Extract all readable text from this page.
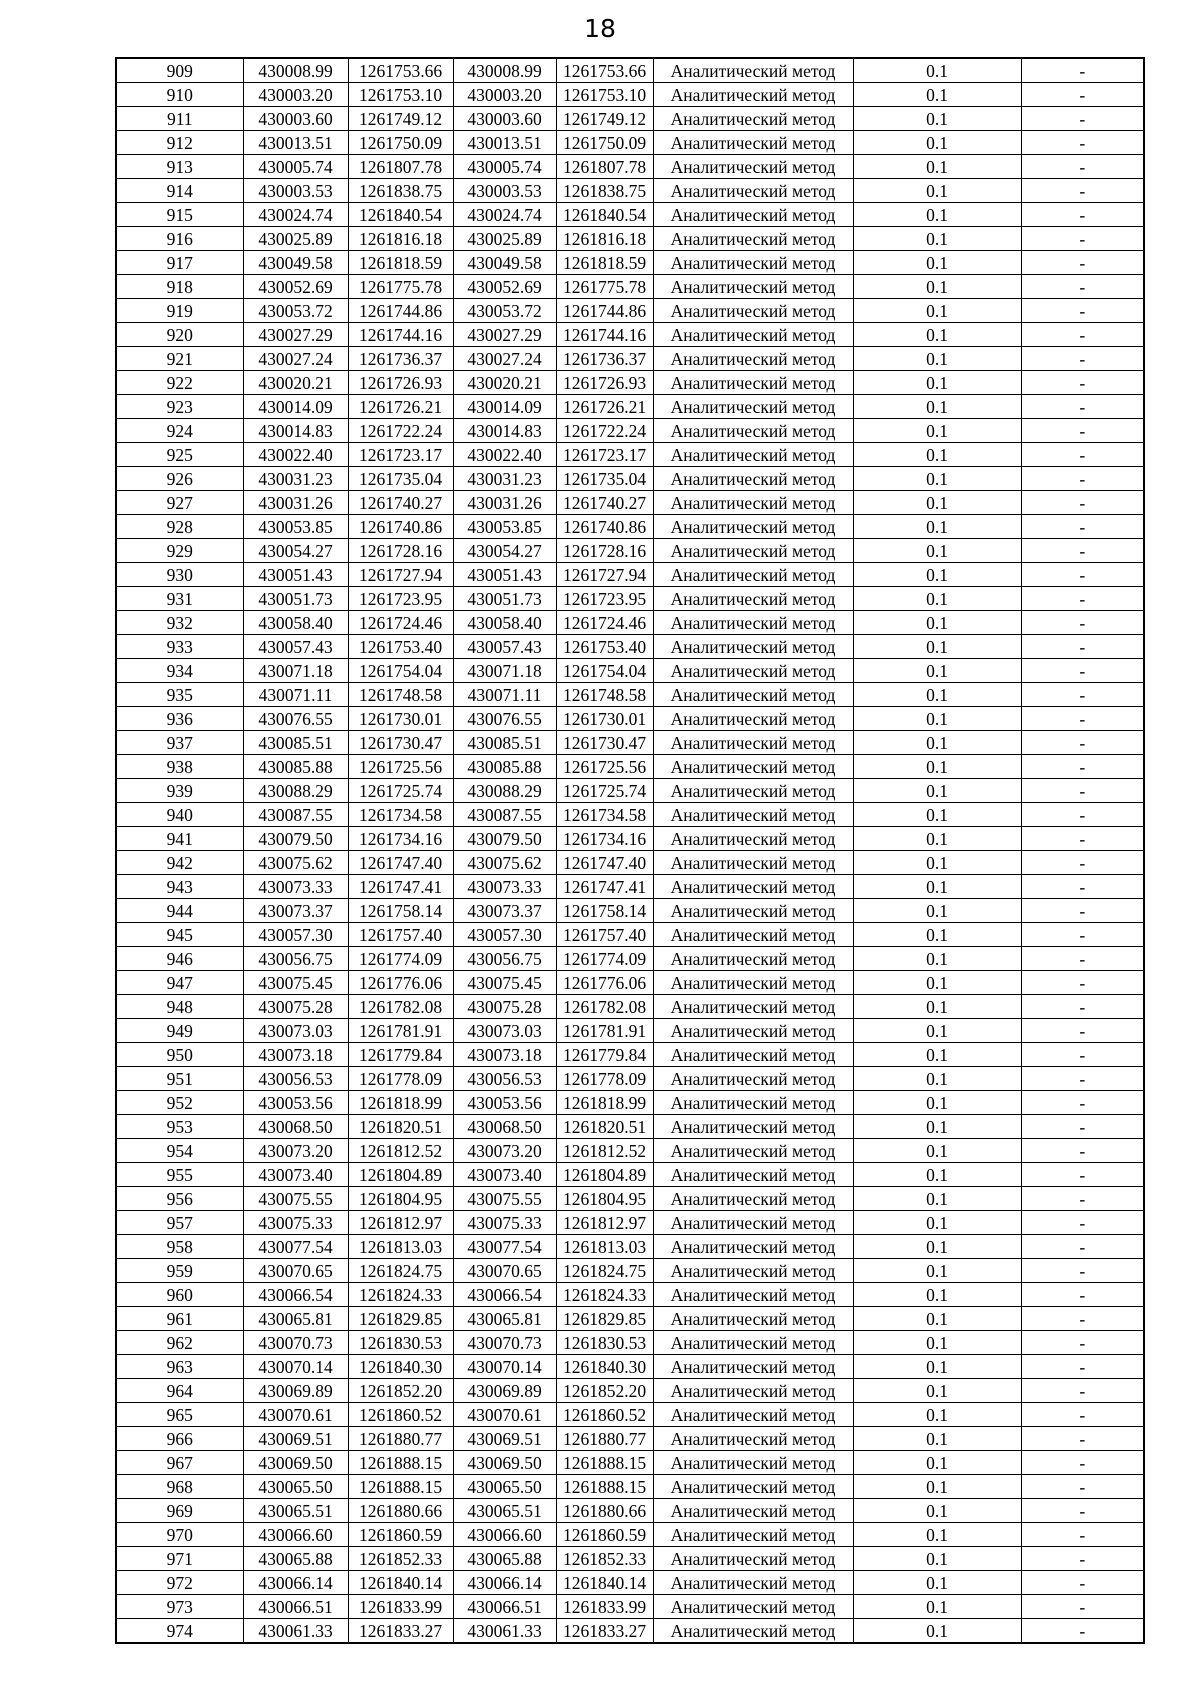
18
909	430008.99	1261753.66	430008.99	1261753.66	Аналитический метод	0.1	-
910	430003.20	1261753.10	430003.20	1261753.10	Аналитический метод	0.1	-
911	430003.60	1261749.12	430003.60	1261749.12	Аналитический метод	0.1	-
912	430013.51	1261750.09	430013.51	1261750.09	Аналитический метод	0.1	-
913	430005.74	1261807.78	430005.74	1261807.78	Аналитический метод	0.1	-
914	430003.53	1261838.75	430003.53	1261838.75	Аналитический метод	0.1	-
915	430024.74	1261840.54	430024.74	1261840.54	Аналитический метод	0.1	-
916	430025.89	1261816.18	430025.89	1261816.18	Аналитический метод	0.1	-
917	430049.58	1261818.59	430049.58	1261818.59	Аналитический метод	0.1	-
918	430052.69	1261775.78	430052.69	1261775.78	Аналитический метод	0.1	-
919	430053.72	1261744.86	430053.72	1261744.86	Аналитический метод	0.1	-
920	430027.29	1261744.16	430027.29	1261744.16	Аналитический метод	0.1	-
921	430027.24	1261736.37	430027.24	1261736.37	Аналитический метод	0.1	-
922	430020.21	1261726.93	430020.21	1261726.93	Аналитический метод	0.1	-
923	430014.09	1261726.21	430014.09	1261726.21	Аналитический метод	0.1	-
924	430014.83	1261722.24	430014.83	1261722.24	Аналитический метод	0.1	-
925	430022.40	1261723.17	430022.40	1261723.17	Аналитический метод	0.1	-
926	430031.23	1261735.04	430031.23	1261735.04	Аналитический метод	0.1	-
927	430031.26	1261740.27	430031.26	1261740.27	Аналитический метод	0.1	-
928	430053.85	1261740.86	430053.85	1261740.86	Аналитический метод	0.1	-
929	430054.27	1261728.16	430054.27	1261728.16	Аналитический метод	0.1	-
930	430051.43	1261727.94	430051.43	1261727.94	Аналитический метод	0.1	-
931	430051.73	1261723.95	430051.73	1261723.95	Аналитический метод	0.1	-
932	430058.40	1261724.46	430058.40	1261724.46	Аналитический метод	0.1	-
933	430057.43	1261753.40	430057.43	1261753.40	Аналитический метод	0.1	-
934	430071.18	1261754.04	430071.18	1261754.04	Аналитический метод	0.1	-
935	430071.11	1261748.58	430071.11	1261748.58	Аналитический метод	0.1	-
936	430076.55	1261730.01	430076.55	1261730.01	Аналитический метод	0.1	-
937	430085.51	1261730.47	430085.51	1261730.47	Аналитический метод	0.1	-
938	430085.88	1261725.56	430085.88	1261725.56	Аналитический метод	0.1	-
939	430088.29	1261725.74	430088.29	1261725.74	Аналитический метод	0.1	-
940	430087.55	1261734.58	430087.55	1261734.58	Аналитический метод	0.1	-
941	430079.50	1261734.16	430079.50	1261734.16	Аналитический метод	0.1	-
942	430075.62	1261747.40	430075.62	1261747.40	Аналитический метод	0.1	-
943	430073.33	1261747.41	430073.33	1261747.41	Аналитический метод	0.1	-
944	430073.37	1261758.14	430073.37	1261758.14	Аналитический метод	0.1	-
945	430057.30	1261757.40	430057.30	1261757.40	Аналитический метод	0.1	-
946	430056.75	1261774.09	430056.75	1261774.09	Аналитический метод	0.1	-
947	430075.45	1261776.06	430075.45	1261776.06	Аналитический метод	0.1	-
948	430075.28	1261782.08	430075.28	1261782.08	Аналитический метод	0.1	-
949	430073.03	1261781.91	430073.03	1261781.91	Аналитический метод	0.1	-
950	430073.18	1261779.84	430073.18	1261779.84	Аналитический метод	0.1	-
951	430056.53	1261778.09	430056.53	1261778.09	Аналитический метод	0.1	-
952	430053.56	1261818.99	430053.56	1261818.99	Аналитический метод	0.1	-
953	430068.50	1261820.51	430068.50	1261820.51	Аналитический метод	0.1	-
954	430073.20	1261812.52	430073.20	1261812.52	Аналитический метод	0.1	-
955	430073.40	1261804.89	430073.40	1261804.89	Аналитический метод	0.1	-
956	430075.55	1261804.95	430075.55	1261804.95	Аналитический метод	0.1	-
957	430075.33	1261812.97	430075.33	1261812.97	Аналитический метод	0.1	-
958	430077.54	1261813.03	430077.54	1261813.03	Аналитический метод	0.1	-
959	430070.65	1261824.75	430070.65	1261824.75	Аналитический метод	0.1	-
960	430066.54	1261824.33	430066.54	1261824.33	Аналитический метод	0.1	-
961	430065.81	1261829.85	430065.81	1261829.85	Аналитический метод	0.1	-
962	430070.73	1261830.53	430070.73	1261830.53	Аналитический метод	0.1	-
963	430070.14	1261840.30	430070.14	1261840.30	Аналитический метод	0.1	-
964	430069.89	1261852.20	430069.89	1261852.20	Аналитический метод	0.1	-
965	430070.61	1261860.52	430070.61	1261860.52	Аналитический метод	0.1	-
966	430069.51	1261880.77	430069.51	1261880.77	Аналитический метод	0.1	-
967	430069.50	1261888.15	430069.50	1261888.15	Аналитический метод	0.1	-
968	430065.50	1261888.15	430065.50	1261888.15	Аналитический метод	0.1	-
969	430065.51	1261880.66	430065.51	1261880.66	Аналитический метод	0.1	-
970	430066.60	1261860.59	430066.60	1261860.59	Аналитический метод	0.1	-
971	430065.88	1261852.33	430065.88	1261852.33	Аналитический метод	0.1	-
972	430066.14	1261840.14	430066.14	1261840.14	Аналитический метод	0.1	-
973	430066.51	1261833.99	430066.51	1261833.99	Аналитический метод	0.1	-
974	430061.33	1261833.27	430061.33	1261833.27	Аналитический метод	0.1	-
